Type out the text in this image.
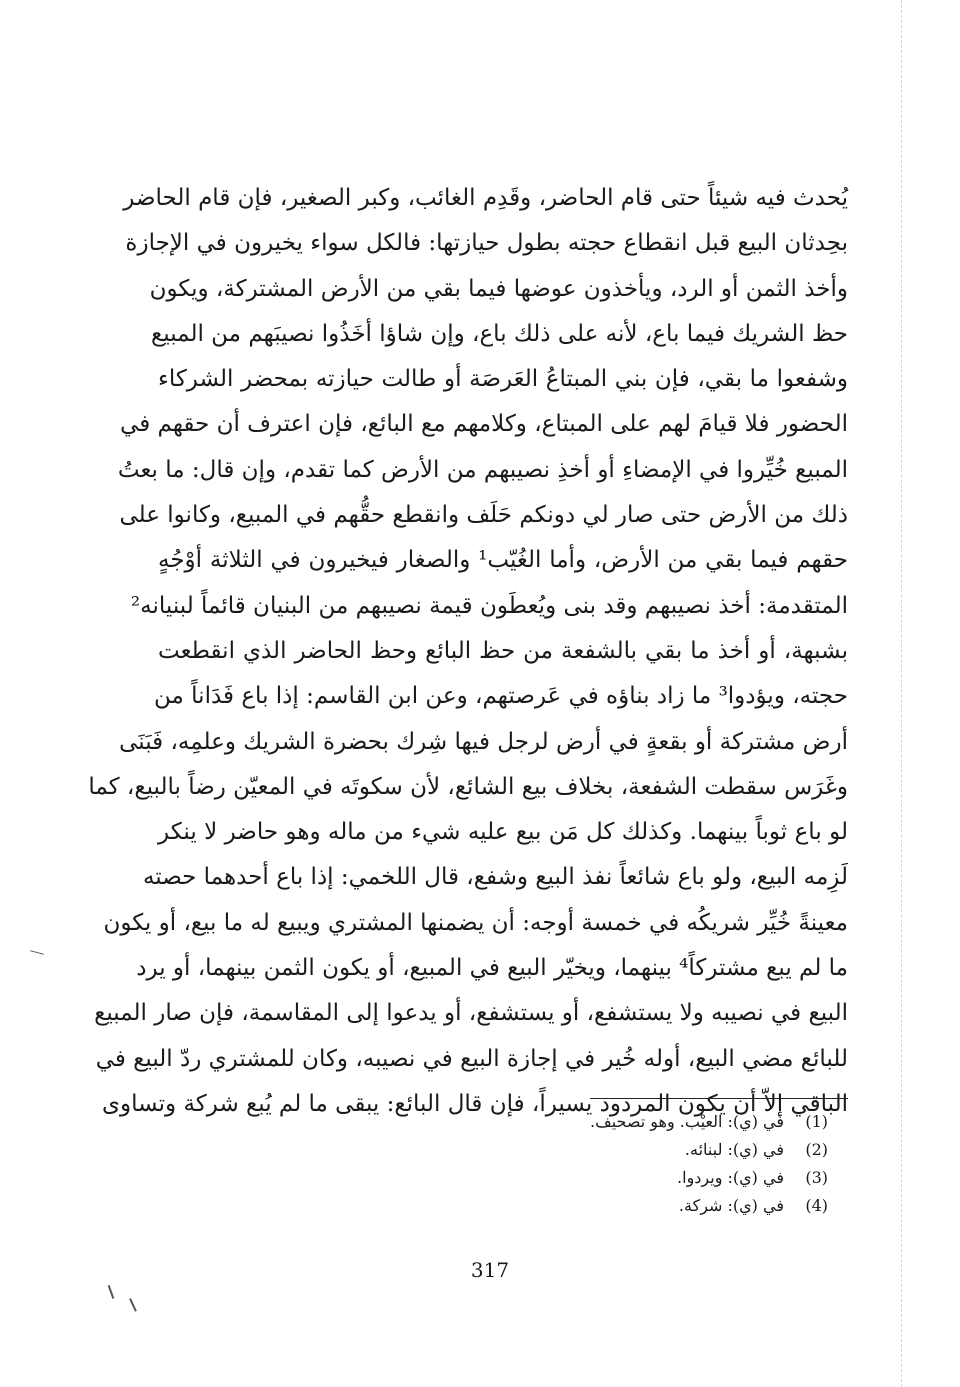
يُحدث فيه شيئاً حتى قام الحاضر، وقَدِم الغائب، وكبر الصغير، فإن قام الحاضر
بحِدثان البيع قبل انقطاع حجته بطول حيازتها: فالكل سواء يخيرون في الإجازة
وأخذ الثمن أو الرد، ويأخذون عوضها فيما بقي من الأرض المشتركة، ويكون
حظ الشريك فيما باع، لأنه على ذلك باع، وإن شاؤا أخَذُوا نصيبَهم من المبيع
وشفعوا ما بقي، فإن بني المبتاعُ العَرصَة أو طالت حيازته بمحضر الشركاء
الحضور فلا قيامَ لهم على المبتاع، وكلامهم مع البائع، فإن اعترف أن حقهم في
المبيع خُيِّروا في الإمضاءِ أو أخذِ نصيبهم من الأرض كما تقدم، وإن قال: ما بعتُ
ذلك من الأرض حتى صار لي دونكم حَلَف وانقطع حقُّهم في المبيع، وكانوا على
حقهم فيما بقي من الأرض، وأما الغُيّب¹ والصغار فيخيرون في الثلاثة أوْجُهٍ
المتقدمة: أخذ نصيبهم وقد بنى ويُعطَون قيمة نصيبهم من البنيان قائماً لبنيانه²
بشبهة، أو أخذ ما بقي بالشفعة من حظ البائع وحظ الحاضر الذي انقطعت
حجته، ويؤدوا³ ما زاد بناؤه في عَرصتهم، وعن ابن القاسم: إذا باع فَدَاناً من
أرض مشتركة أو بقعةٍ في أرض لرجل فيها شِرك بحضرة الشريك وعلمِه، فَبَنَى
وغَرَس سقطت الشفعة، بخلاف بيع الشائع، لأن سكوتَه في المعيّن رضاً بالبيع، كما
لو باع ثوباً بينهما. وكذلك كل مَن بيع عليه شيء من ماله وهو حاضر لا ينكر
لَزِمه البيع، ولو باع شائعاً نفذ البيع وشفع، قال اللخمي: إذا باع أحدهما حصته
معينةً خُيِّر شريكُه في خمسة أوجه: أن يضمنها المشتري ويبيع له ما بيع، أو يكون
ما لم يبع مشتركاً⁴ بينهما، ويخيّر البيع في المبيع، أو يكون الثمن بينهما، أو يرد
البيع في نصيبه ولا يستشفع، أو يستشفع، أو يدعوا إلى المقاسمة، فإن صار المبيع
للبائع مضي البيع، أوله خُير في إجازة البيع في نصيبه، وكان للمشتري ردّ البيع في
الباقي إلاّ أن يكون المردود يسيراً، فإن قال البائع: يبقى ما لم يُبع شركة وتساوى
(1)
في (ي): العيْب. وهو تصحيف.
(2)
في (ي): لبنائه.
(3)
في (ي): ويردوا.
(4)
في (ي): شركة.
317
